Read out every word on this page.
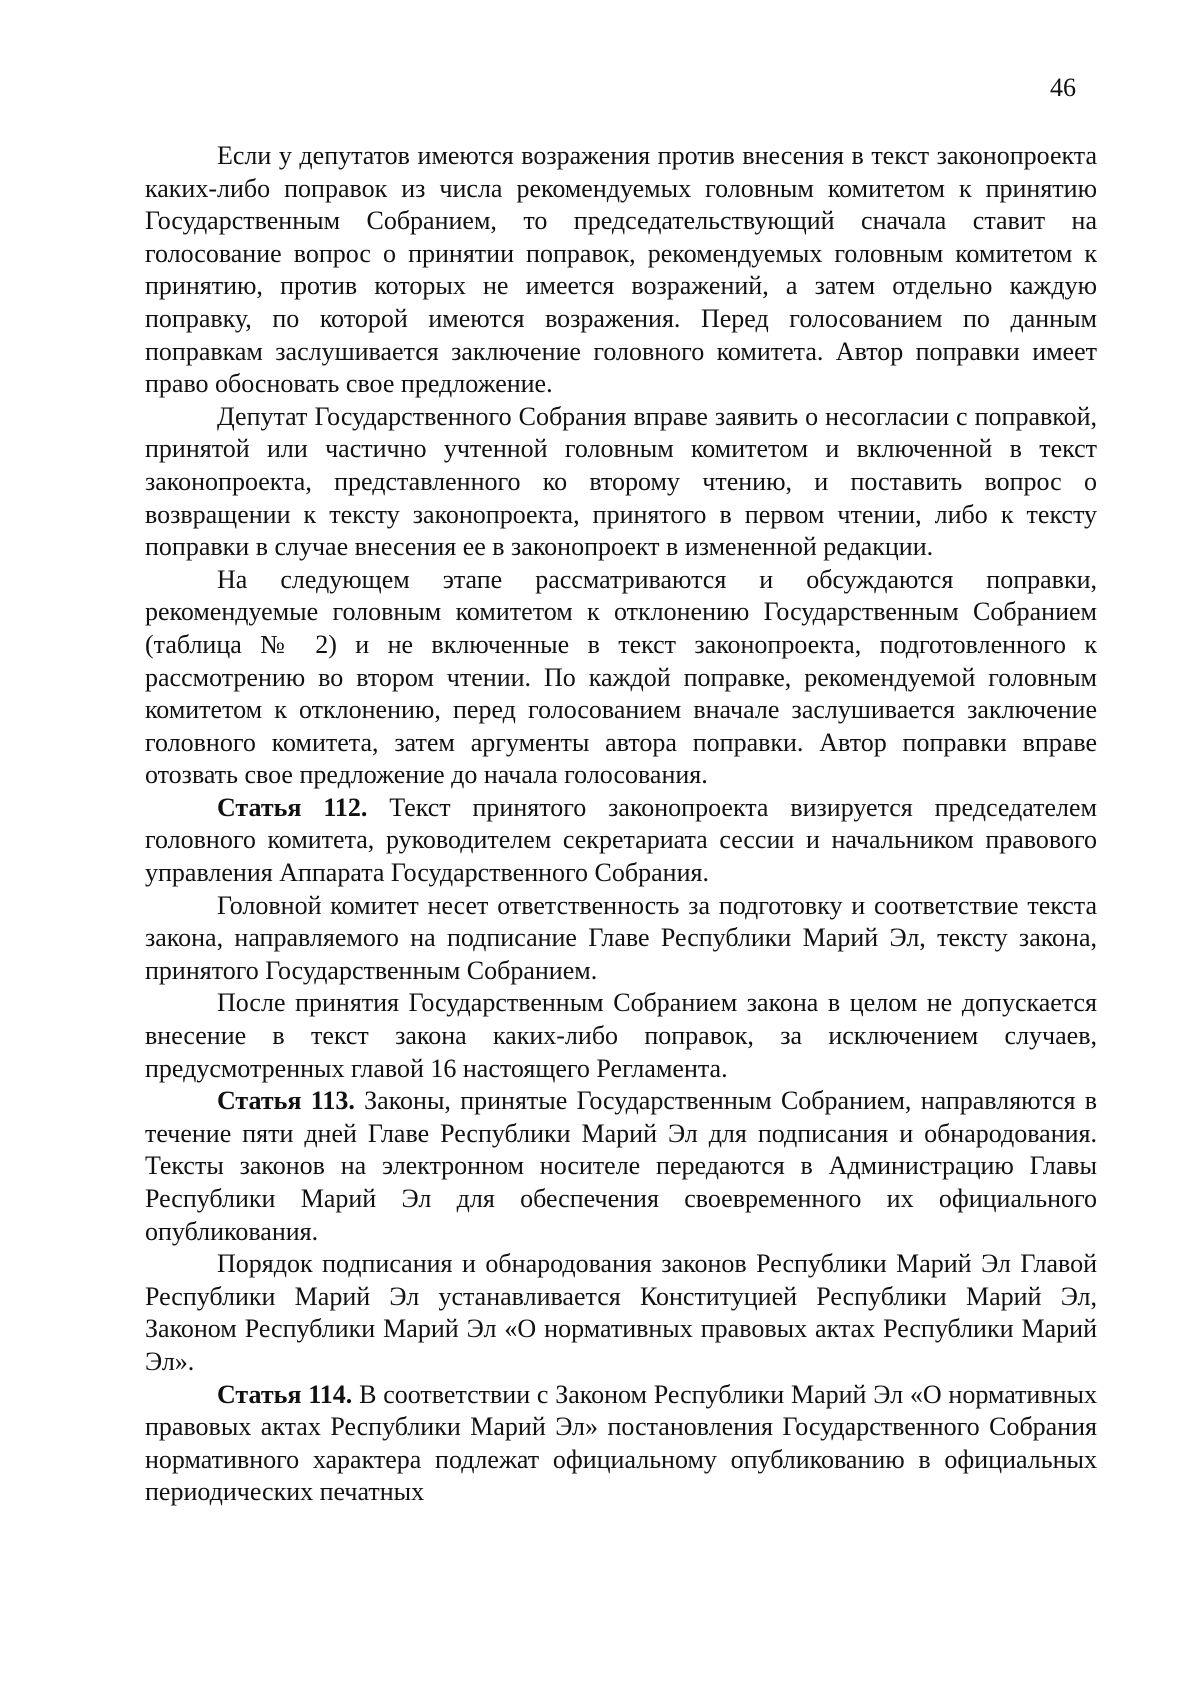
46

Если у депутатов имеются возражения против внесения в текст законопроекта каких-либо поправок из числа рекомендуемых головным комитетом к принятию Государственным Собранием, то председательствующий сначала ставит на голосование вопрос о принятии поправок, рекомендуемых головным комитетом к принятию, против которых не имеется возражений, а затем отдельно каждую поправку, по которой имеются возражения. Перед голосованием по данным поправкам заслушивается заключение головного комитета. Автор поправки имеет право обосновать свое предложение.

Депутат Государственного Собрания вправе заявить о несогласии с поправкой, принятой или частично учтенной головным комитетом и включенной в текст законопроекта, представленного ко второму чтению, и поставить вопрос о возвращении к тексту законопроекта, принятого в первом чтении, либо к тексту поправки в случае внесения ее в законопроект в измененной редакции.

На следующем этапе рассматриваются и обсуждаются поправки, рекомендуемые головным комитетом к отклонению Государственным Собранием (таблица № 2) и не включенные в текст законопроекта, подготовленного к рассмотрению во втором чтении. По каждой поправке, рекомендуемой головным комитетом к отклонению, перед голосованием вначале заслушивается заключение головного комитета, затем аргументы автора поправки. Автор поправки вправе отозвать свое предложение до начала голосования.

Статья 112. Текст принятого законопроекта визируется председателем головного комитета, руководителем секретариата сессии и начальником правового управления Аппарата Государственного Собрания.

Головной комитет несет ответственность за подготовку и соответствие текста закона, направляемого на подписание Главе Республики Марий Эл, тексту закона, принятого Государственным Собранием.

После принятия Государственным Собранием закона в целом не допускается внесение в текст закона каких-либо поправок, за исключением случаев, предусмотренных главой 16 настоящего Регламента.

Статья 113. Законы, принятые Государственным Собранием, направляются в течение пяти дней Главе Республики Марий Эл для подписания и обнародования. Тексты законов на электронном носителе передаются в Администрацию Главы Республики Марий Эл для обеспечения своевременного их официального опубликования.

Порядок подписания и обнародования законов Республики Марий Эл Главой Республики Марий Эл устанавливается Конституцией Республики Марий Эл, Законом Республики Марий Эл «О нормативных правовых актах Республики Марий Эл».

Статья 114. В соответствии с Законом Республики Марий Эл «О нормативных правовых актах Республики Марий Эл» постановления Государственного Собрания нормативного характера подлежат официальному опубликованию в официальных периодических печатных
